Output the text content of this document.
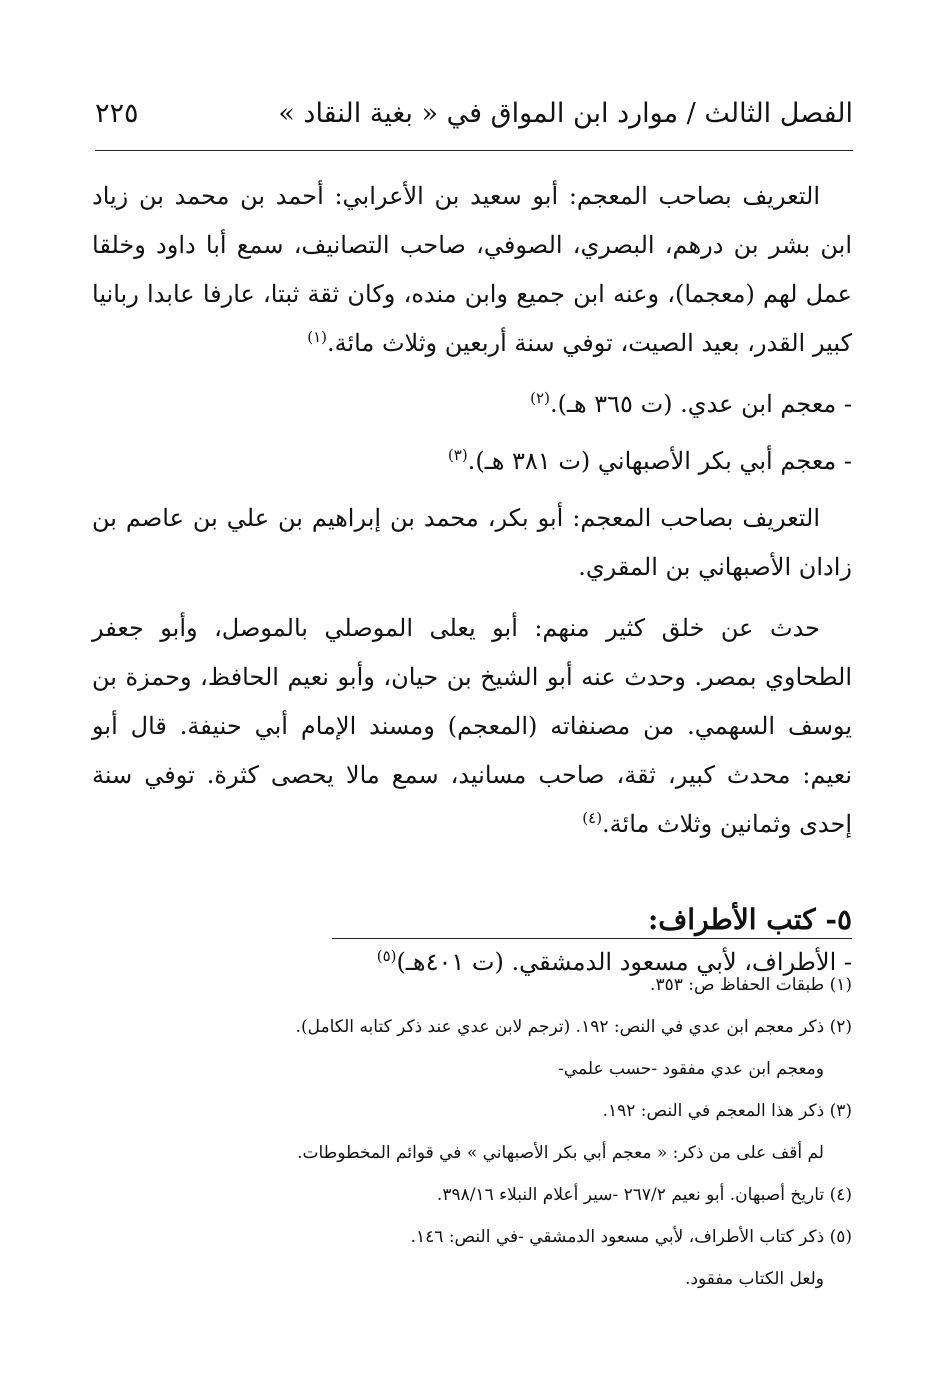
الفصل الثالث / موارد ابن المواق في « بغية النقاد »
٢٢٥

التعريف بصاحب المعجم: أبو سعيد بن الأعرابي: أحمد بن محمد بن زياد ابن بشر بن درهم، البصري، الصوفي، صاحب التصانيف، سمع أبا داود وخلقا عمل لهم (معجما)، وعنه ابن جميع وابن منده، وكان ثقة ثبتا، عارفا عابدا ربانيا كبير القدر، بعيد الصيت، توفي سنة أربعين وثلاث مائة.$^{(١)}$

- معجم ابن عدي. (ت ٣٦٥ هـ).$^{(٢)}$

- معجم أبي بكر الأصبهاني (ت ٣٨١ هـ).$^{(٣)}$

التعريف بصاحب المعجم: أبو بكر، محمد بن إبراهيم بن علي بن عاصم بن زادان الأصبهاني بن المقري.

حدث عن خلق كثير منهم: أبو يعلى الموصلي بالموصل، وأبو جعفر الطحاوي بمصر. وحدث عنه أبو الشيخ بن حيان، وأبو نعيم الحافظ، وحمزة بن يوسف السهمي. من مصنفاته (المعجم) ومسند الإمام أبي حنيفة. قال أبو نعيم: محدث كبير، ثقة، صاحب مسانيد، سمع مالا يحصى كثرة. توفي سنة إحدى وثمانين وثلاث مائة.$^{(٤)}$

٥- كتب الأطراف:

- الأطراف، لأبي مسعود الدمشقي. (ت ٤٠١هـ)$^{(٥)}$

(١) طبقات الحفاظ ص: ٣٥٣.

(٢) ذكر معجم ابن عدي في النص: ١٩٢. (ترجم لابن عدي عند ذكر كتابه الكامل).

ومعجم ابن عدي مفقود -حسب علمي-

(٣) ذكر هذا المعجم في النص: ١٩٢.

لم أقف على من ذكر: « معجم أبي بكر الأصبهاني » في قوائم المخطوطات.

(٤) تاريخ أصبهان. أبو نعيم ٢٦٧/٢ -سير أعلام النبلاء ٣٩٨/١٦.

(٥) ذكر كتاب الأطراف، لأبي مسعود الدمشقي -في النص: ١٤٦.

ولعل الكتاب مفقود.
